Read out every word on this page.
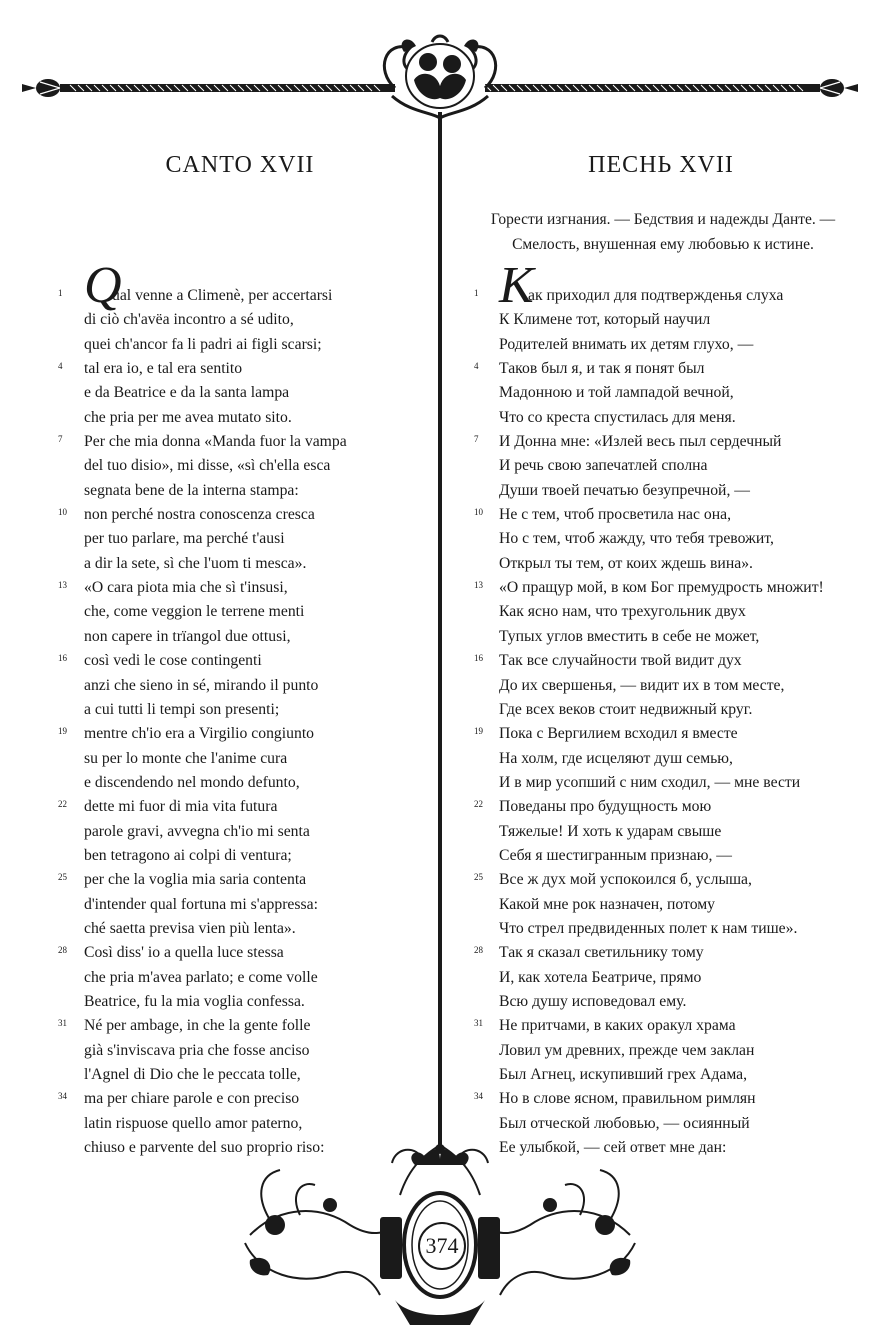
CANTO XVII	ПЕСНЬ XVII
Горести изгнания. — Бедствия и надежды Данте. —
Смелость, внушенная ему любовью к истине.
1 Q
ual venne a Climenè, per accertarsi
di ciò ch'avëa incontro a sé udito,
quei ch'ancor fa li padri ai figli scarsi;
4 tal era io, e tal era sentito
e da Beatrice e da la santa lampa
che pria per me avea mutato sito.
7 Per che mia donna «Manda fuor la vampa
del tuo disio», mi disse, «sì ch'ella esca
segnata bene de la interna stampa:
10 non perché nostra conoscenza cresca
per tuo parlare, ma perché t'ausi
a dir la sete, sì che l'uom ti mesca».
13 «O cara piota mia che sì t'insusi,
che, come veggion le terrene menti
non capere in trïangol due ottusi,
16 così vedi le cose contingenti
anzi che sieno in sé, mirando il punto
a cui tutti li tempi son presenti;
19 mentre ch'io era a Virgilio congiunto
su per lo monte che l'anime cura
e discendendo nel mondo defunto,
22 dette mi fuor di mia vita futura
parole gravi, avvegna ch'io mi senta
ben tetragono ai colpi di ventura;
25 per che la voglia mia saria contenta
d'intender qual fortuna mi s'appressa:
ché saetta previsa vien più lenta».
28 Così diss' io a quella luce stessa
che pria m'avea parlato; e come volle
Beatrice, fu la mia voglia confessa.
31 Né per ambage, in che la gente folle
già s'inviscava pria che fosse anciso
l'Agnel di Dio che le peccata tolle,
34 ma per chiare parole e con preciso
latin rispuose quello amor paterno,
chiuso e parvente del suo proprio riso:
1 К
ак приходил для подтвержденья слуха
К Климене тот, который научил
Родителей внимать их детям глухо, —
4 Таков был я, и так я понят был
Мадонною и той лампадой вечной,
Что со креста спустилась для меня.
7 И Донна мне: «Излей весь пыл сердечный
И речь свою запечатлей сполна
Души твоей печатью безупречной, —
10 Не с тем, чтоб просветила нас она,
Но с тем, чтоб жажду, что тебя тревожит,
Открыл ты тем, от коих ждешь вина».
13 «О пращур мой, в ком Бог премудрость множит!
Как ясно нам, что трехугольник двух
Тупых углов вместить в себе не может,
16 Так все случайности твой видит дух
До их свершенья, — видит их в том месте,
Где всех веков стоит недвижный круг.
19 Пока с Вергилием всходил я вместе
На холм, где исцеляют душ семью,
И в мир усопший с ним сходил, — мне вести
22 Поведаны про будущность мою
Тяжелые! И хоть к ударам свыше
Себя я шестигранным признаю, —
25 Все ж дух мой успокоился б, услыша,
Какой мне рок назначен, потому
Что стрел предвиденных полет к нам тише».
28 Так я сказал светильнику тому
И, как хотела Беатриче, прямо
Всю душу исповедовал ему.
31 Не притчами, в каких оракул храма
Ловил ум древних, прежде чем заклан
Был Агнец, искупивший грех Адама,
34 Но в слове ясном, правильном римлян
Был отческой любовью, — осиянный
Ее улыбкой, — сей ответ мне дан:
374
